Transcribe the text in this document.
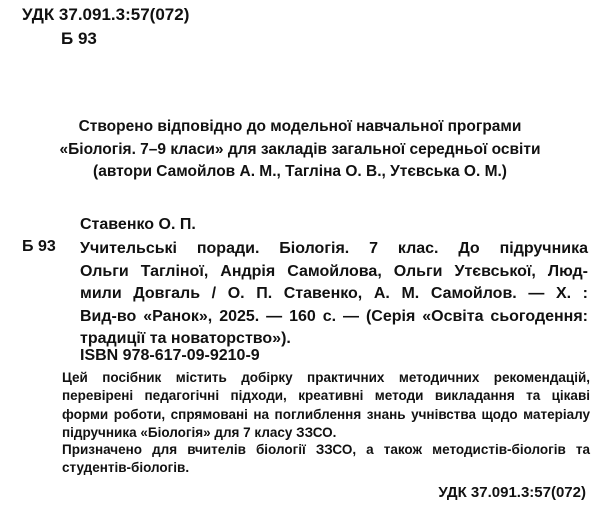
УДК 37.091.3:57(072)
Б 93
Створено відповідно до модельної навчальної програми
«Біологія. 7–9 класи» для закладів загальної середньої освіти
(автори Самойлов А. М., Тагліна О. В., Утєвська О. М.)
Ставенко О. П.
Б 93 Учительські поради. Біологія. 7 клас. До підручника
Ольги Тагліної, Андрія Самойлова, Ольги Утєвської, Люд-
мили Довгаль / О. П. Ставенко, А. М. Самойлов. — Х. :
Вид-во «Ранок», 2025. — 160 с. — (Серія «Освіта сьогодення:
традиції та новаторство»).
ISBN 978-617-09-9210-9
Цей посібник містить добірку практичних методичних рекомендацій,
перевірені педагогічні підходи, креативні методи викладання та цікаві
форми роботи, спрямовані на поглиблення знань учнівства щодо матеріалу
підручника «Біологія» для 7 класу ЗЗСО.
Призначено для вчителів біології ЗЗСО, а також методистів-біологів та
студентів-біологів.
УДК 37.091.3:57(072)
